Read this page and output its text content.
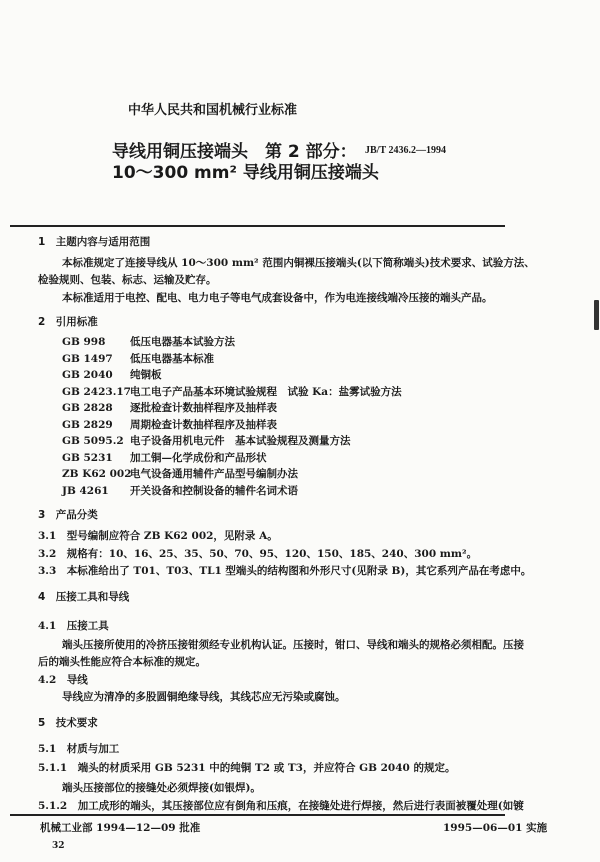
中华人民共和国机械行业标准
导线用铜压接端头　第 2 部分：
10～300 mm² 导线用铜压接端头
JB/T 2436.2—1994
1　主题内容与适用范围
本标准规定了连接导线从 10～300 mm² 范围内铜裸压接端头(以下简称端头)技术要求、试验方法、
检验规则、包装、标志、运输及贮存。
本标准适用于电控、配电、电力电子等电气成套设备中，作为电连接线端冷压接的端头产品。
2　引用标准
GB 998 低压电器基本试验方法
GB 1497 低压电器基本标准
GB 2040 纯铜板
GB 2423.17电工电子产品基本环境试验规程　试验 Ka：盐雾试验方法
GB 2828 逐批检查计数抽样程序及抽样表
GB 2829 周期检查计数抽样程序及抽样表
GB 5095.2 电子设备用机电元件　基本试验规程及测量方法
GB 5231 加工铜—化学成份和产品形状
ZB K62 002电气设备通用辅件产品型号编制办法
JB 4261 开关设备和控制设备的辅件名词术语
3　产品分类
3.1　型号编制应符合 ZB K62 002，见附录 A。
3.2　规格有：10、16、25、35、50、70、95、120、150、185、240、300 mm²。
3.3　本标准给出了 T01、T03、TL1 型端头的结构图和外形尺寸(见附录 B)，其它系列产品在考虑中。
4　压接工具和导线
4.1　压接工具
端头压接所使用的冷挤压接钳须经专业机构认证。压接时，钳口、导线和端头的规格必须相配。压接
后的端头性能应符合本标准的规定。
4.2　导线
导线应为清净的多股圆铜绝缘导线，其线芯应无污染或腐蚀。
5　技术要求
5.1　材质与加工
5.1.1　端头的材质采用 GB 5231 中的纯铜 T2 或 T3，并应符合 GB 2040 的规定。
端头压接部位的接缝处必须焊接(如银焊)。
5.1.2　加工成形的端头，其压接部位应有倒角和压痕，在接缝处进行焊接，然后进行表面被覆处理(如镀
机械工业部 1994—12—09 批准	1995—06—01 实施
32
